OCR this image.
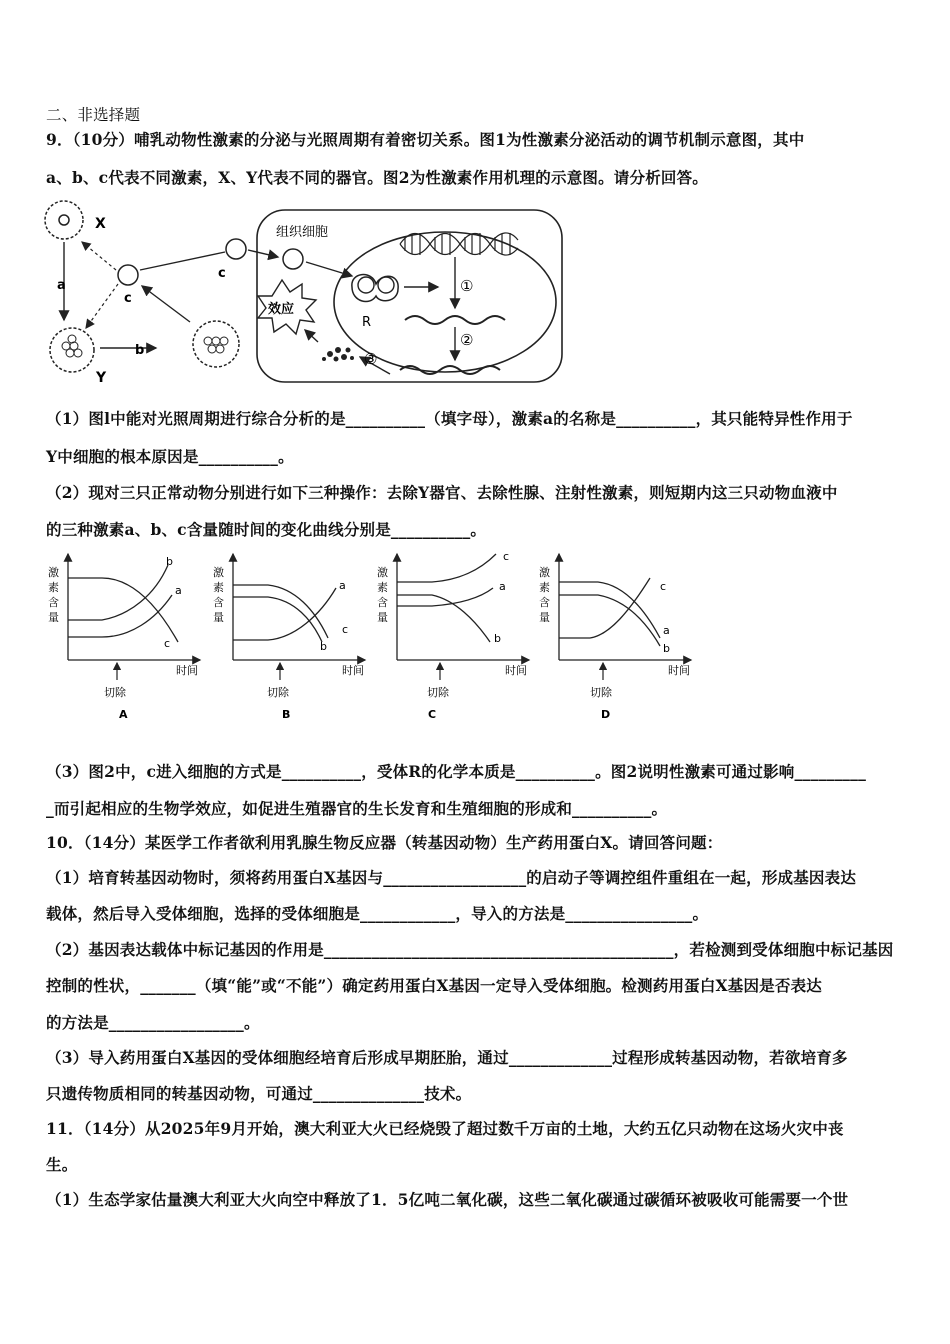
二、非选择题
9．（10分）哺乳动物性激素的分泌与光照周期有着密切关系。图1为性激素分泌活动的调节机制示意图，其中
a、b、c代表不同激素，X、Y代表不同的器官。图2为性激素作用机理的示意图。请分析回答。
X
a
Y
b
c
c
组织细胞
R
①
②
③
效应
（1）图l中能对光照周期进行综合分析的是__________（填字母），激素a的名称是__________，其只能特异性作用于
Y中细胞的根本原因是__________。
（2）现对三只正常动物分别进行如下三种操作：去除Y器官、去除性腺、注射性激素，则短期内这三只动物血液中
的三种激素a、b、c含量随时间的变化曲线分别是__________。
激
素
含
量
b
a
c
时间
切除
A
激
素
含
量
a
c
b
时间
切除
B
激
素
含
量
c
a
b
时间
切除
C
激
素
含
量
c
a
b
时间
切除
D
（3）图2中，c进入细胞的方式是__________，受体R的化学本质是__________。图2说明性激素可通过影响_________
_而引起相应的生物学效应，如促进生殖器官的生长发育和生殖细胞的形成和__________。
10．（14分）某医学工作者欲利用乳腺生物反应器（转基因动物）生产药用蛋白X。请回答问题：
（1）培育转基因动物时，须将药用蛋白X基因与__________________的启动子等调控组件重组在一起，形成基因表达
载体，然后导入受体细胞，选择的受体细胞是____________，导入的方法是________________。
（2）基因表达载体中标记基因的作用是____________________________________________，若检测到受体细胞中标记基因
控制的性状，_______（填“能”或“不能”）确定药用蛋白X基因一定导入受体细胞。检测药用蛋白X基因是否表达
的方法是_________________。
（3）导入药用蛋白X基因的受体细胞经培育后形成早期胚胎，通过_____________过程形成转基因动物，若欲培育多
只遗传物质相同的转基因动物，可通过______________技术。
11．（14分）从2025年9月开始，澳大利亚大火已经烧毁了超过数千万亩的土地，大约五亿只动物在这场火灾中丧
生。
（1）生态学家估量澳大利亚大火向空中释放了1．5亿吨二氧化碳，这些二氧化碳通过碳循环被吸收可能需要一个世
